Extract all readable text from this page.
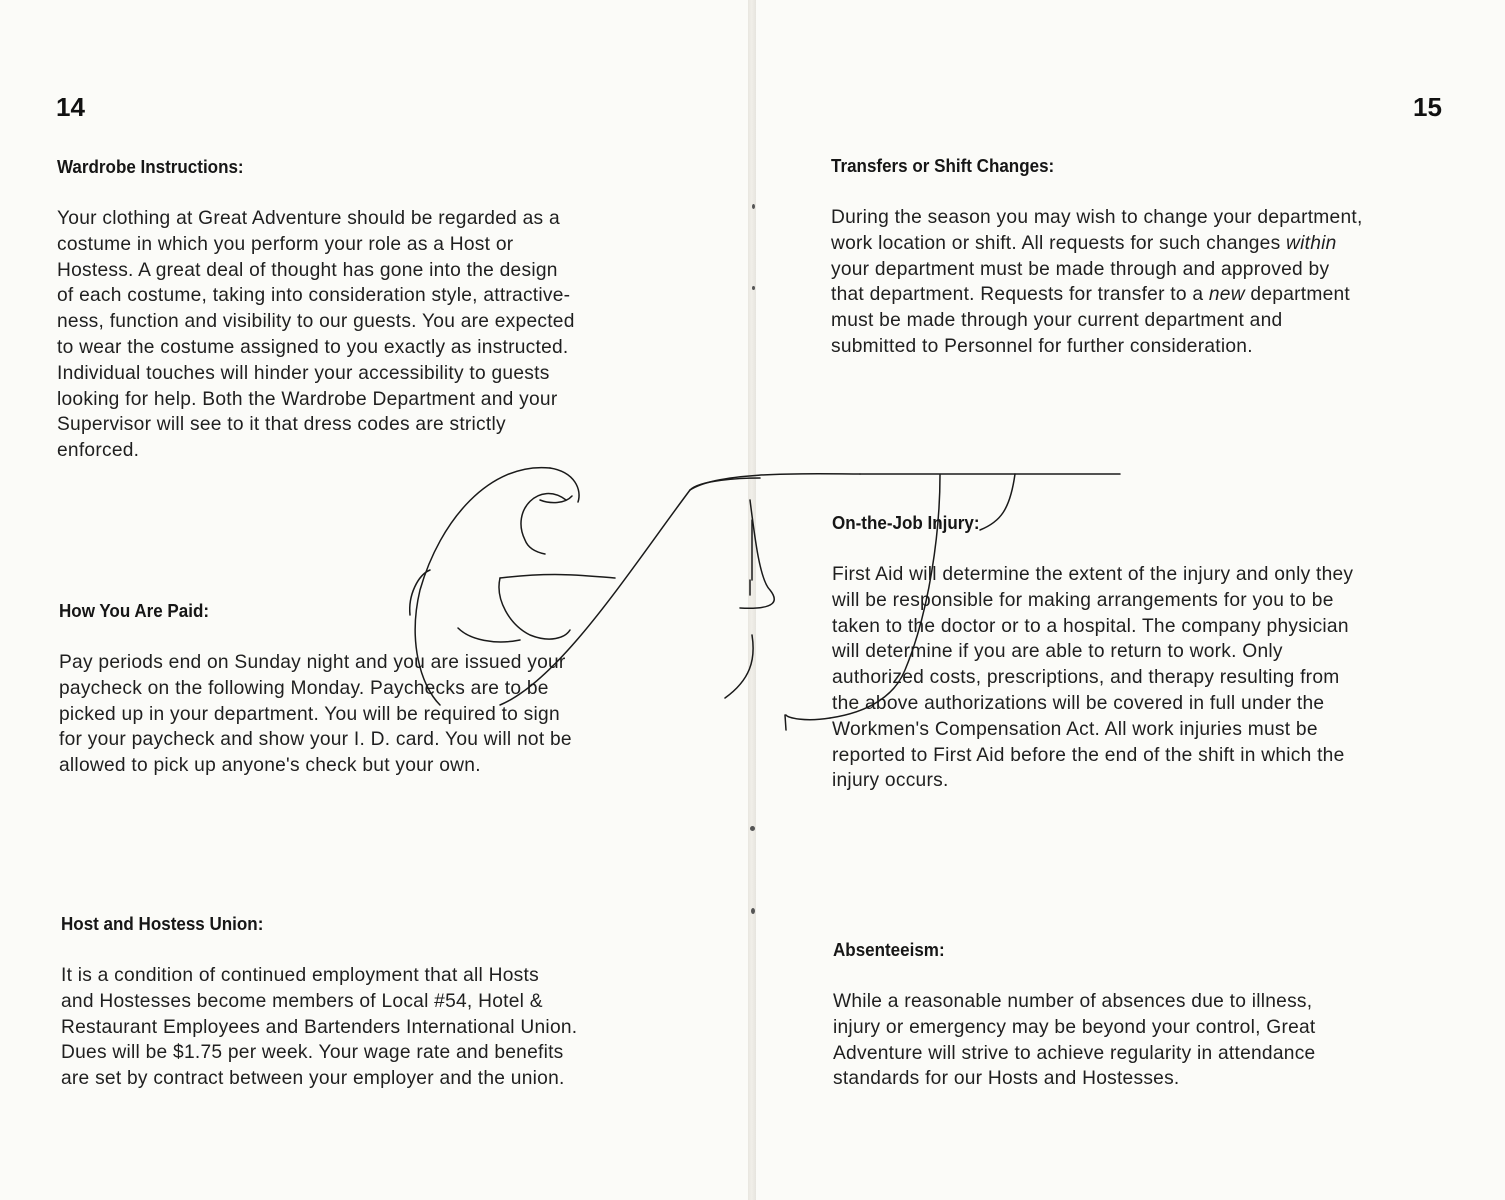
14
Wardrobe Instructions:

Your clothing at Great Adventure should be regarded as a
costume in which you perform your role as a Host or
Hostess. A great deal of thought has gone into the design
of each costume, taking into consideration style, attractive-
ness, function and visibility to our guests. You are expected
to wear the costume assigned to you exactly as instructed.
Individual touches will hinder your accessibility to guests
looking for help. Both the Wardrobe Department and your
Supervisor will see to it that dress codes are strictly
enforced.

How You Are Paid:

Pay periods end on Sunday night and you are issued your
paycheck on the following Monday. Paychecks are to be
picked up in your department. You will be required to sign
for your paycheck and show your I. D. card. You will not be
allowed to pick up anyone's check but your own.

Host and Hostess Union:

It is a condition of continued employment that all Hosts
and Hostesses become members of Local #54, Hotel &
Restaurant Employees and Bartenders International Union.
Dues will be $1.75 per week. Your wage rate and benefits
are set by contract between your employer and the union.

15
Transfers or Shift Changes:

During the season you may wish to change your department,
work location or shift. All requests for such changes within
your department must be made through and approved by
that department. Requests for transfer to a new department
must be made through your current department and
submitted to Personnel for further consideration.

On-the-Job Injury:

First Aid will determine the extent of the injury and only they
will be responsible for making arrangements for you to be
taken to the doctor or to a hospital. The company physician
will determine if you are able to return to work. Only
authorized costs, prescriptions, and therapy resulting from
the above authorizations will be covered in full under the
Workmen's Compensation Act. All work injuries must be
reported to First Aid before the end of the shift in which the
injury occurs.

Absenteeism:

While a reasonable number of absences due to illness,
injury or emergency may be beyond your control, Great
Adventure will strive to achieve regularity in attendance
standards for our Hosts and Hostesses.
